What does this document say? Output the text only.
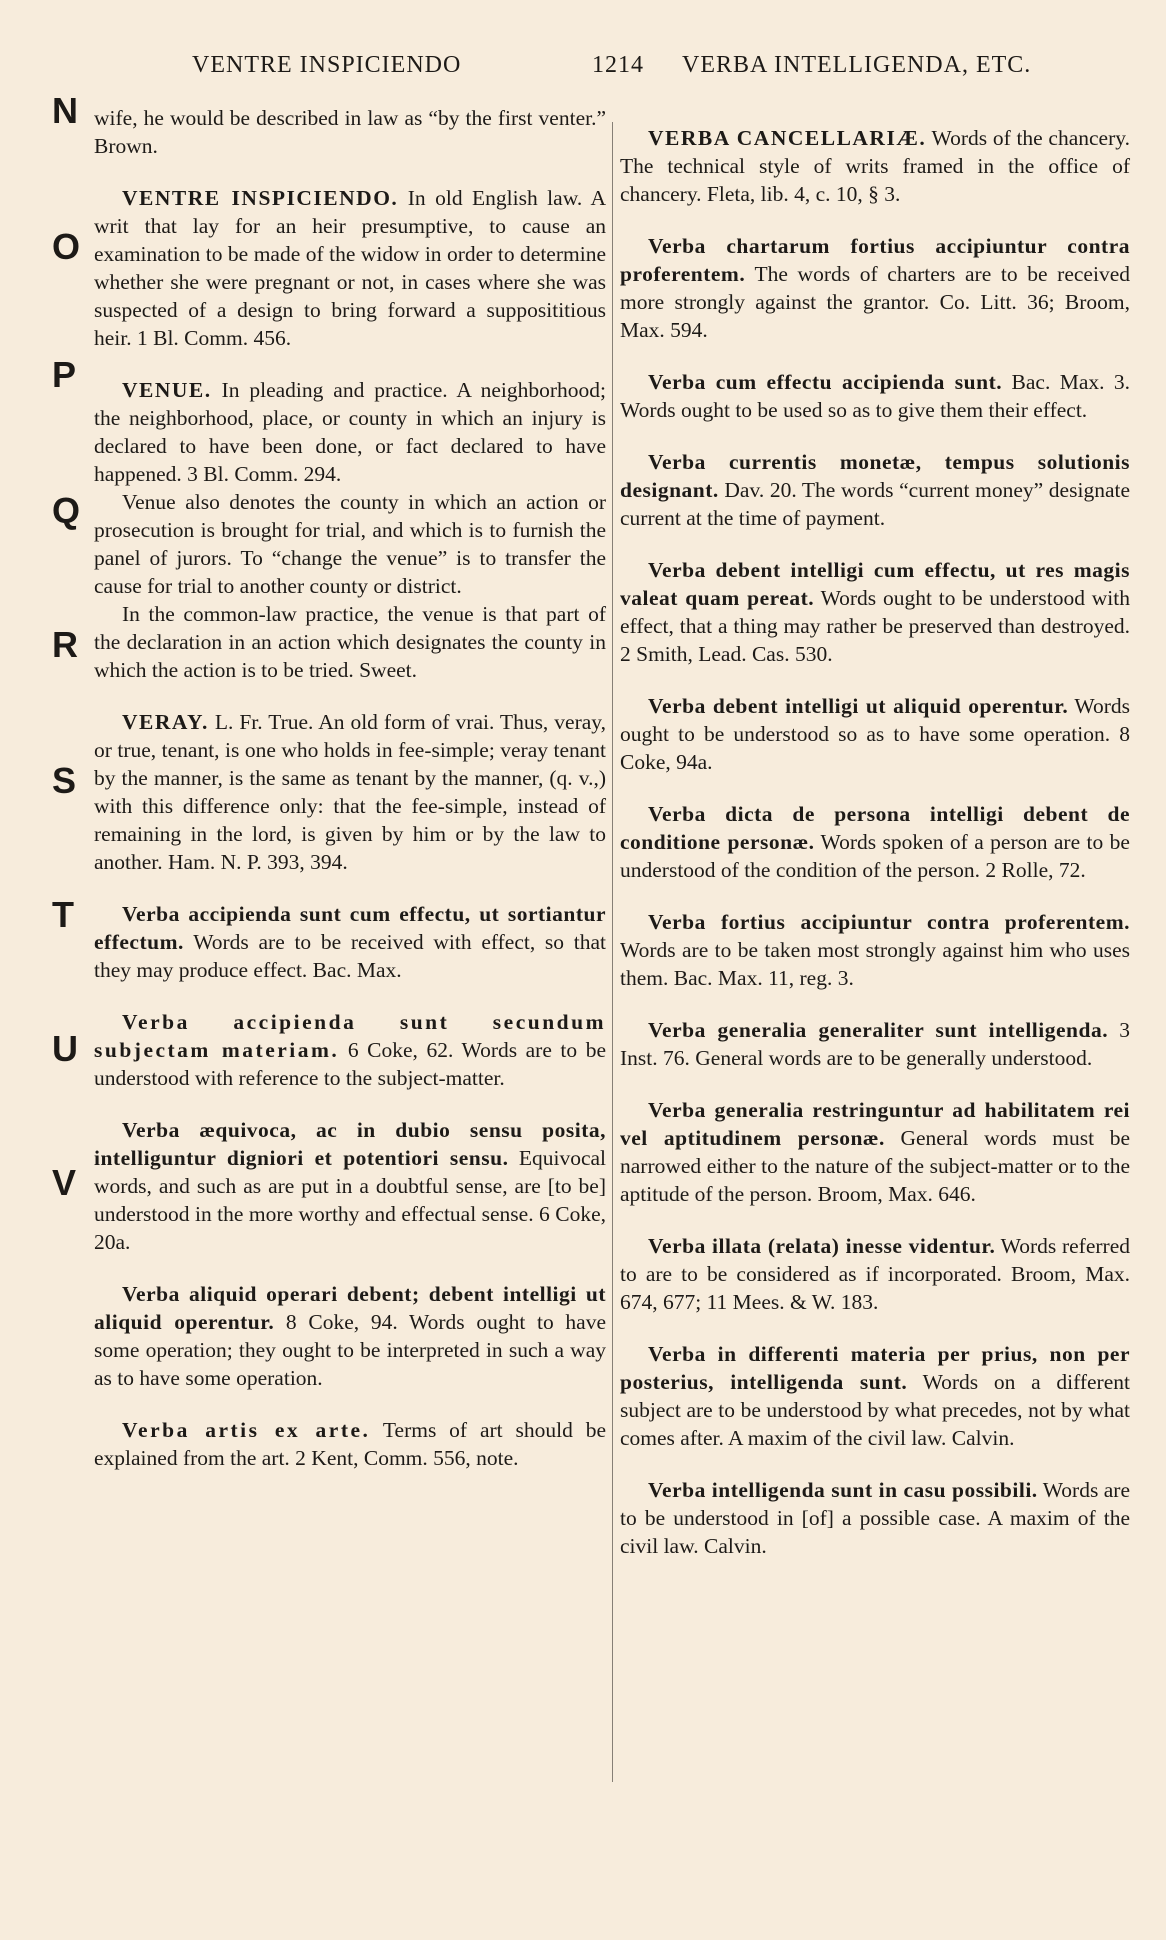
VENTRE INSPICIENDO	1214 VERBA INTELLIGENDA, ETC.
N
O
P
Q
R
S
T
U
V

wife, he would be described in law as “by the first venter.” Brown.

VENTRE INSPICIENDO. In old English law. A writ that lay for an heir presumptive, to cause an examination to be made of the widow in order to determine whether she were pregnant or not, in cases where she was suspected of a design to bring forward a supposititious heir. 1 Bl. Comm. 456.

VENUE. In pleading and practice. A neighborhood; the neighborhood, place, or county in which an injury is declared to have been done, or fact declared to have happened. 3 Bl. Comm. 294.

Venue also denotes the county in which an action or prosecution is brought for trial, and which is to furnish the panel of jurors. To “change the venue” is to transfer the cause for trial to another county or district.

In the common-law practice, the venue is that part of the declaration in an action which designates the county in which the action is to be tried. Sweet.

VERAY. L. Fr. True. An old form of vrai. Thus, veray, or true, tenant, is one who holds in fee-simple; veray tenant by the manner, is the same as tenant by the manner, (q. v.,) with this difference only: that the fee-simple, instead of remaining in the lord, is given by him or by the law to another. Ham. N. P. 393, 394.

Verba accipienda sunt cum effectu, ut sortiantur effectum. Words are to be received with effect, so that they may produce effect. Bac. Max.

Verba accipienda sunt secundum subjectam materiam. 6 Coke, 62. Words are to be understood with reference to the subject-matter.

Verba æquivoca, ac in dubio sensu posita, intelliguntur digniori et potentiori sensu. Equivocal words, and such as are put in a doubtful sense, are [to be] understood in the more worthy and effectual sense. 6 Coke, 20a.

Verba aliquid operari debent; debent intelligi ut aliquid operentur. 8 Coke, 94. Words ought to have some operation; they ought to be interpreted in such a way as to have some operation.

Verba artis ex arte. Terms of art should be explained from the art. 2 Kent, Comm. 556, note.

VERBA CANCELLARIÆ. Words of the chancery. The technical style of writs framed in the office of chancery. Fleta, lib. 4, c. 10, § 3.

Verba chartarum fortius accipiuntur contra proferentem. The words of charters are to be received more strongly against the grantor. Co. Litt. 36; Broom, Max. 594.

Verba cum effectu accipienda sunt. Bac. Max. 3. Words ought to be used so as to give them their effect.

Verba currentis monetæ, tempus solutionis designant. Dav. 20. The words “current money” designate current at the time of payment.

Verba debent intelligi cum effectu, ut res magis valeat quam pereat. Words ought to be understood with effect, that a thing may rather be preserved than destroyed. 2 Smith, Lead. Cas. 530.

Verba debent intelligi ut aliquid operentur. Words ought to be understood so as to have some operation. 8 Coke, 94a.

Verba dicta de persona intelligi debent de conditione personæ. Words spoken of a person are to be understood of the condition of the person. 2 Rolle, 72.

Verba fortius accipiuntur contra proferentem. Words are to be taken most strongly against him who uses them. Bac. Max. 11, reg. 3.

Verba generalia generaliter sunt intelligenda. 3 Inst. 76. General words are to be generally understood.

Verba generalia restringuntur ad habilitatem rei vel aptitudinem personæ. General words must be narrowed either to the nature of the subject-matter or to the aptitude of the person. Broom, Max. 646.

Verba illata (relata) inesse videntur. Words referred to are to be considered as if incorporated. Broom, Max. 674, 677; 11 Mees. & W. 183.

Verba in differenti materia per prius, non per posterius, intelligenda sunt. Words on a different subject are to be understood by what precedes, not by what comes after. A maxim of the civil law. Calvin.

Verba intelligenda sunt in casu possibili. Words are to be understood in [of] a possible case. A maxim of the civil law. Calvin.
